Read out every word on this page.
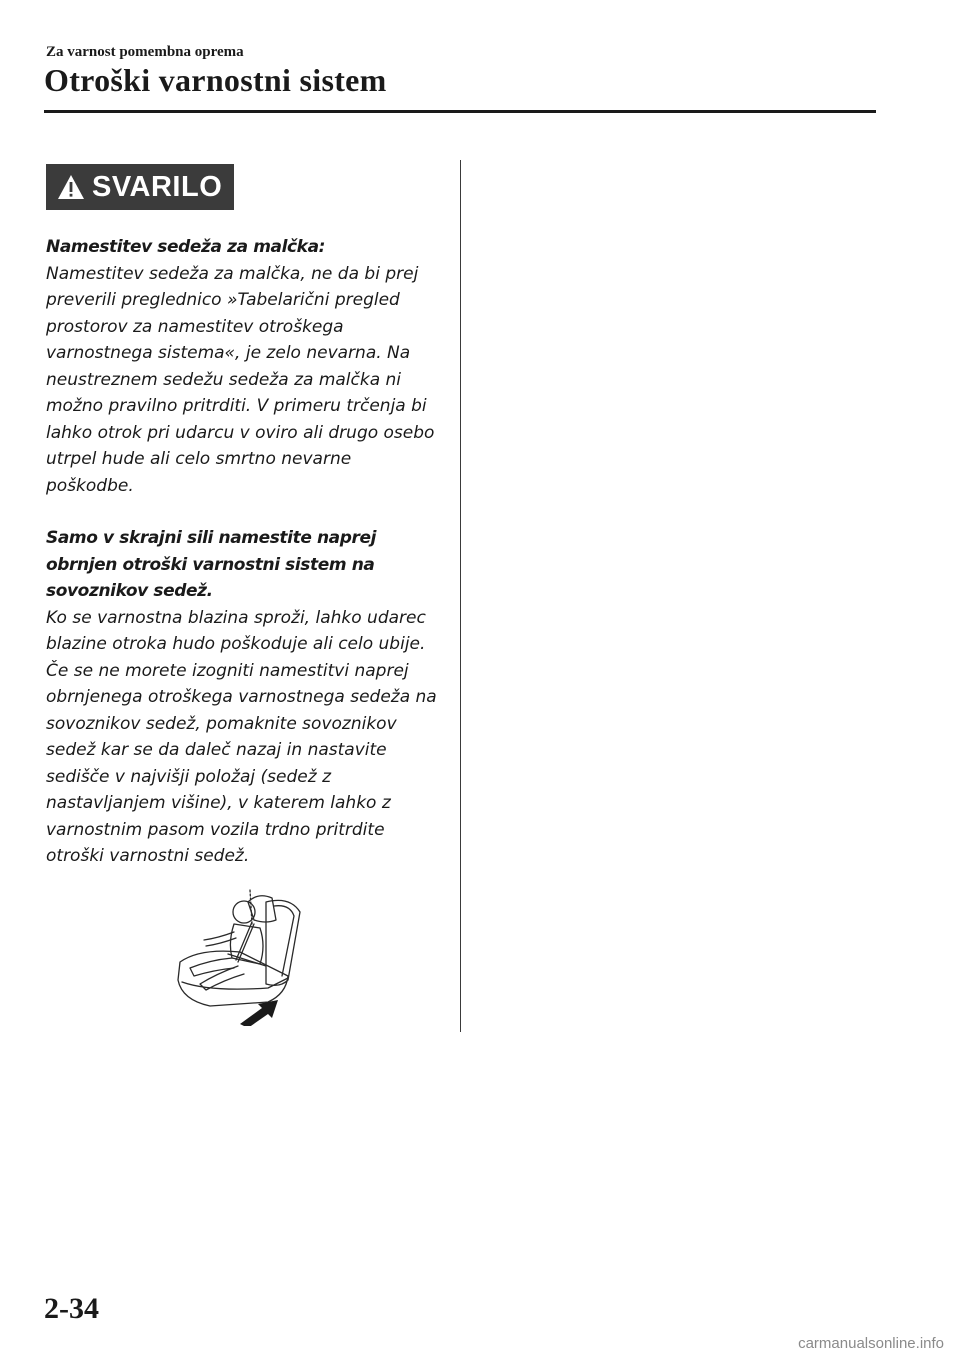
Za varnost pomembna oprema
Otroški varnostni sistem
SVARILO

Namestitev sedeža za malčka:

Namestitev sedeža za malčka, ne da bi prej preverili preglednico »Tabelarični pregled prostorov za namestitev otroškega varnostnega sistema«, je zelo nevarna. Na neustreznem sedežu sedeža za malčka ni možno pravilno pritrditi. V primeru trčenja bi lahko otrok pri udarcu v oviro ali drugo osebo utrpel hude ali celo smrtno nevarne poškodbe.

Samo v skrajni sili namestite naprej obrnjen otroški varnostni sistem na sovoznikov sedež.

Ko se varnostna blazina sproži, lahko udarec blazine otroka hudo poškoduje ali celo ubije. Če se ne morete izogniti namestitvi naprej obrnjenega otroškega varnostnega sedeža na sovoznikov sedež, pomaknite sovoznikov sedež kar se da daleč nazaj in nastavite sedišče v najvišji položaj (sedež z nastavljanjem višine), v katerem lahko z varnostnim pasom vozila trdno pritrdite otroški varnostni sedež.

2-34
carmanualsonline.info
